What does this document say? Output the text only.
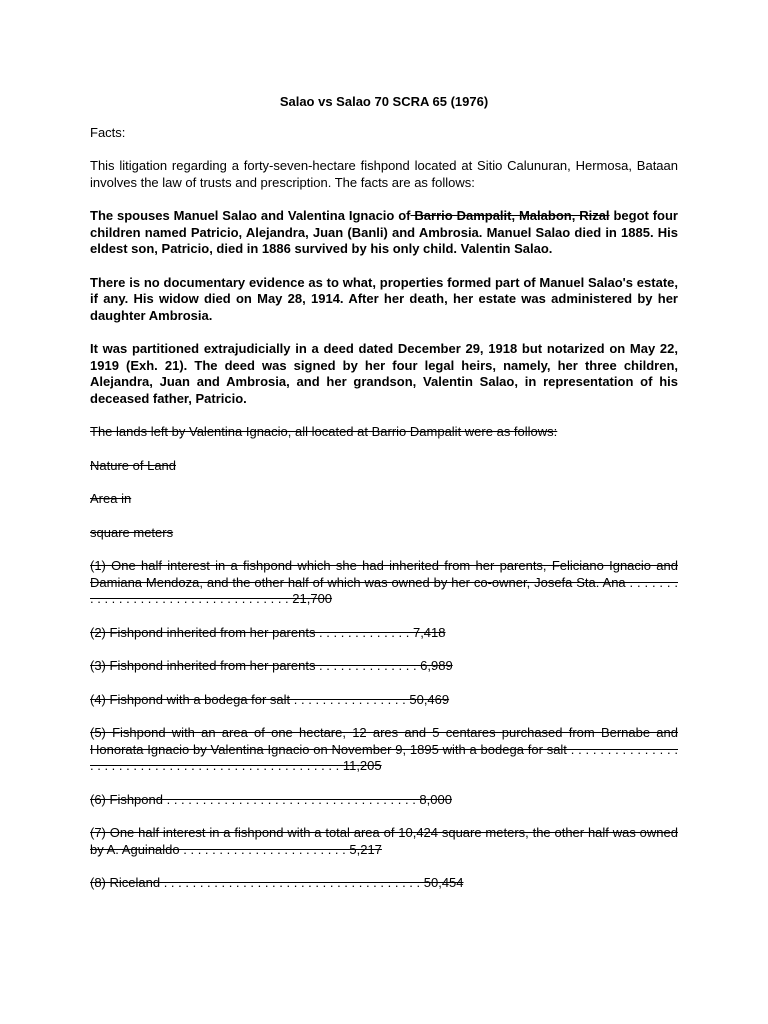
Salao vs Salao 70 SCRA 65 (1976)
Facts:
This litigation regarding a forty-seven-hectare fishpond located at Sitio Calunuran, Hermosa, Bataan involves the law of trusts and prescription. The facts are as follows:
The spouses Manuel Salao and Valentina Ignacio of Barrio Dampalit, Malabon, Rizal begot four children named Patricio, Alejandra, Juan (Banli) and Ambrosia. Manuel Salao died in 1885. His eldest son, Patricio, died in 1886 survived by his only child. Valentin Salao.
There is no documentary evidence as to what, properties formed part of Manuel Salao's estate, if any. His widow died on May 28, 1914. After her death, her estate was administered by her daughter Ambrosia.
It was partitioned extrajudicially in a deed dated December 29, 1918 but notarized on May 22, 1919 (Exh. 21). The deed was signed by her four legal heirs, namely, her three children, Alejandra, Juan and Ambrosia, and her grandson, Valentin Salao, in representation of his deceased father, Patricio.
The lands left by Valentina Ignacio, all located at Barrio Dampalit were as follows:
Nature of Land
Area in
square meters
(1) One half interest in a fishpond which she had inherited from her parents, Feliciano Ignacio and Damiana Mendoza, and the other half of which was owned by her co-owner, Josefa Sta. Ana . . . . . . . . . . . . . . . . . . . . . . . . . . . . . . . . . . . 21,700
(2) Fishpond inherited from her parents . . . . . . . . . . . . . 7,418
(3) Fishpond inherited from her parents . . . . . . . . . . . . . . 6,989
(4) Fishpond with a bodega for salt . . . . . . . . . . . . . . . . 50,469
(5) Fishpond with an area of one hectare, 12 ares and 5 centares purchased from Bernabe and Honorata Ignacio by Valentina Ignacio on November 9, 1895 with a bodega for salt . . . . . . . . . . . . . . . . . . . . . . . . . . . . . . . . . . . . . . . . . . . . . . . . . . 11,205
(6) Fishpond . . . . . . . . . . . . . . . . . . . . . . . . . . . . . . . . . . . 8,000
(7) One half interest in a fishpond with a total area of 10,424 square meters, the other half was owned by A. Aguinaldo . . . . . . . . . . . . . . . . . . . . . . . 5,217
(8) Riceland . . . . . . . . . . . . . . . . . . . . . . . . . . . . . . . . . . . . 50,454
